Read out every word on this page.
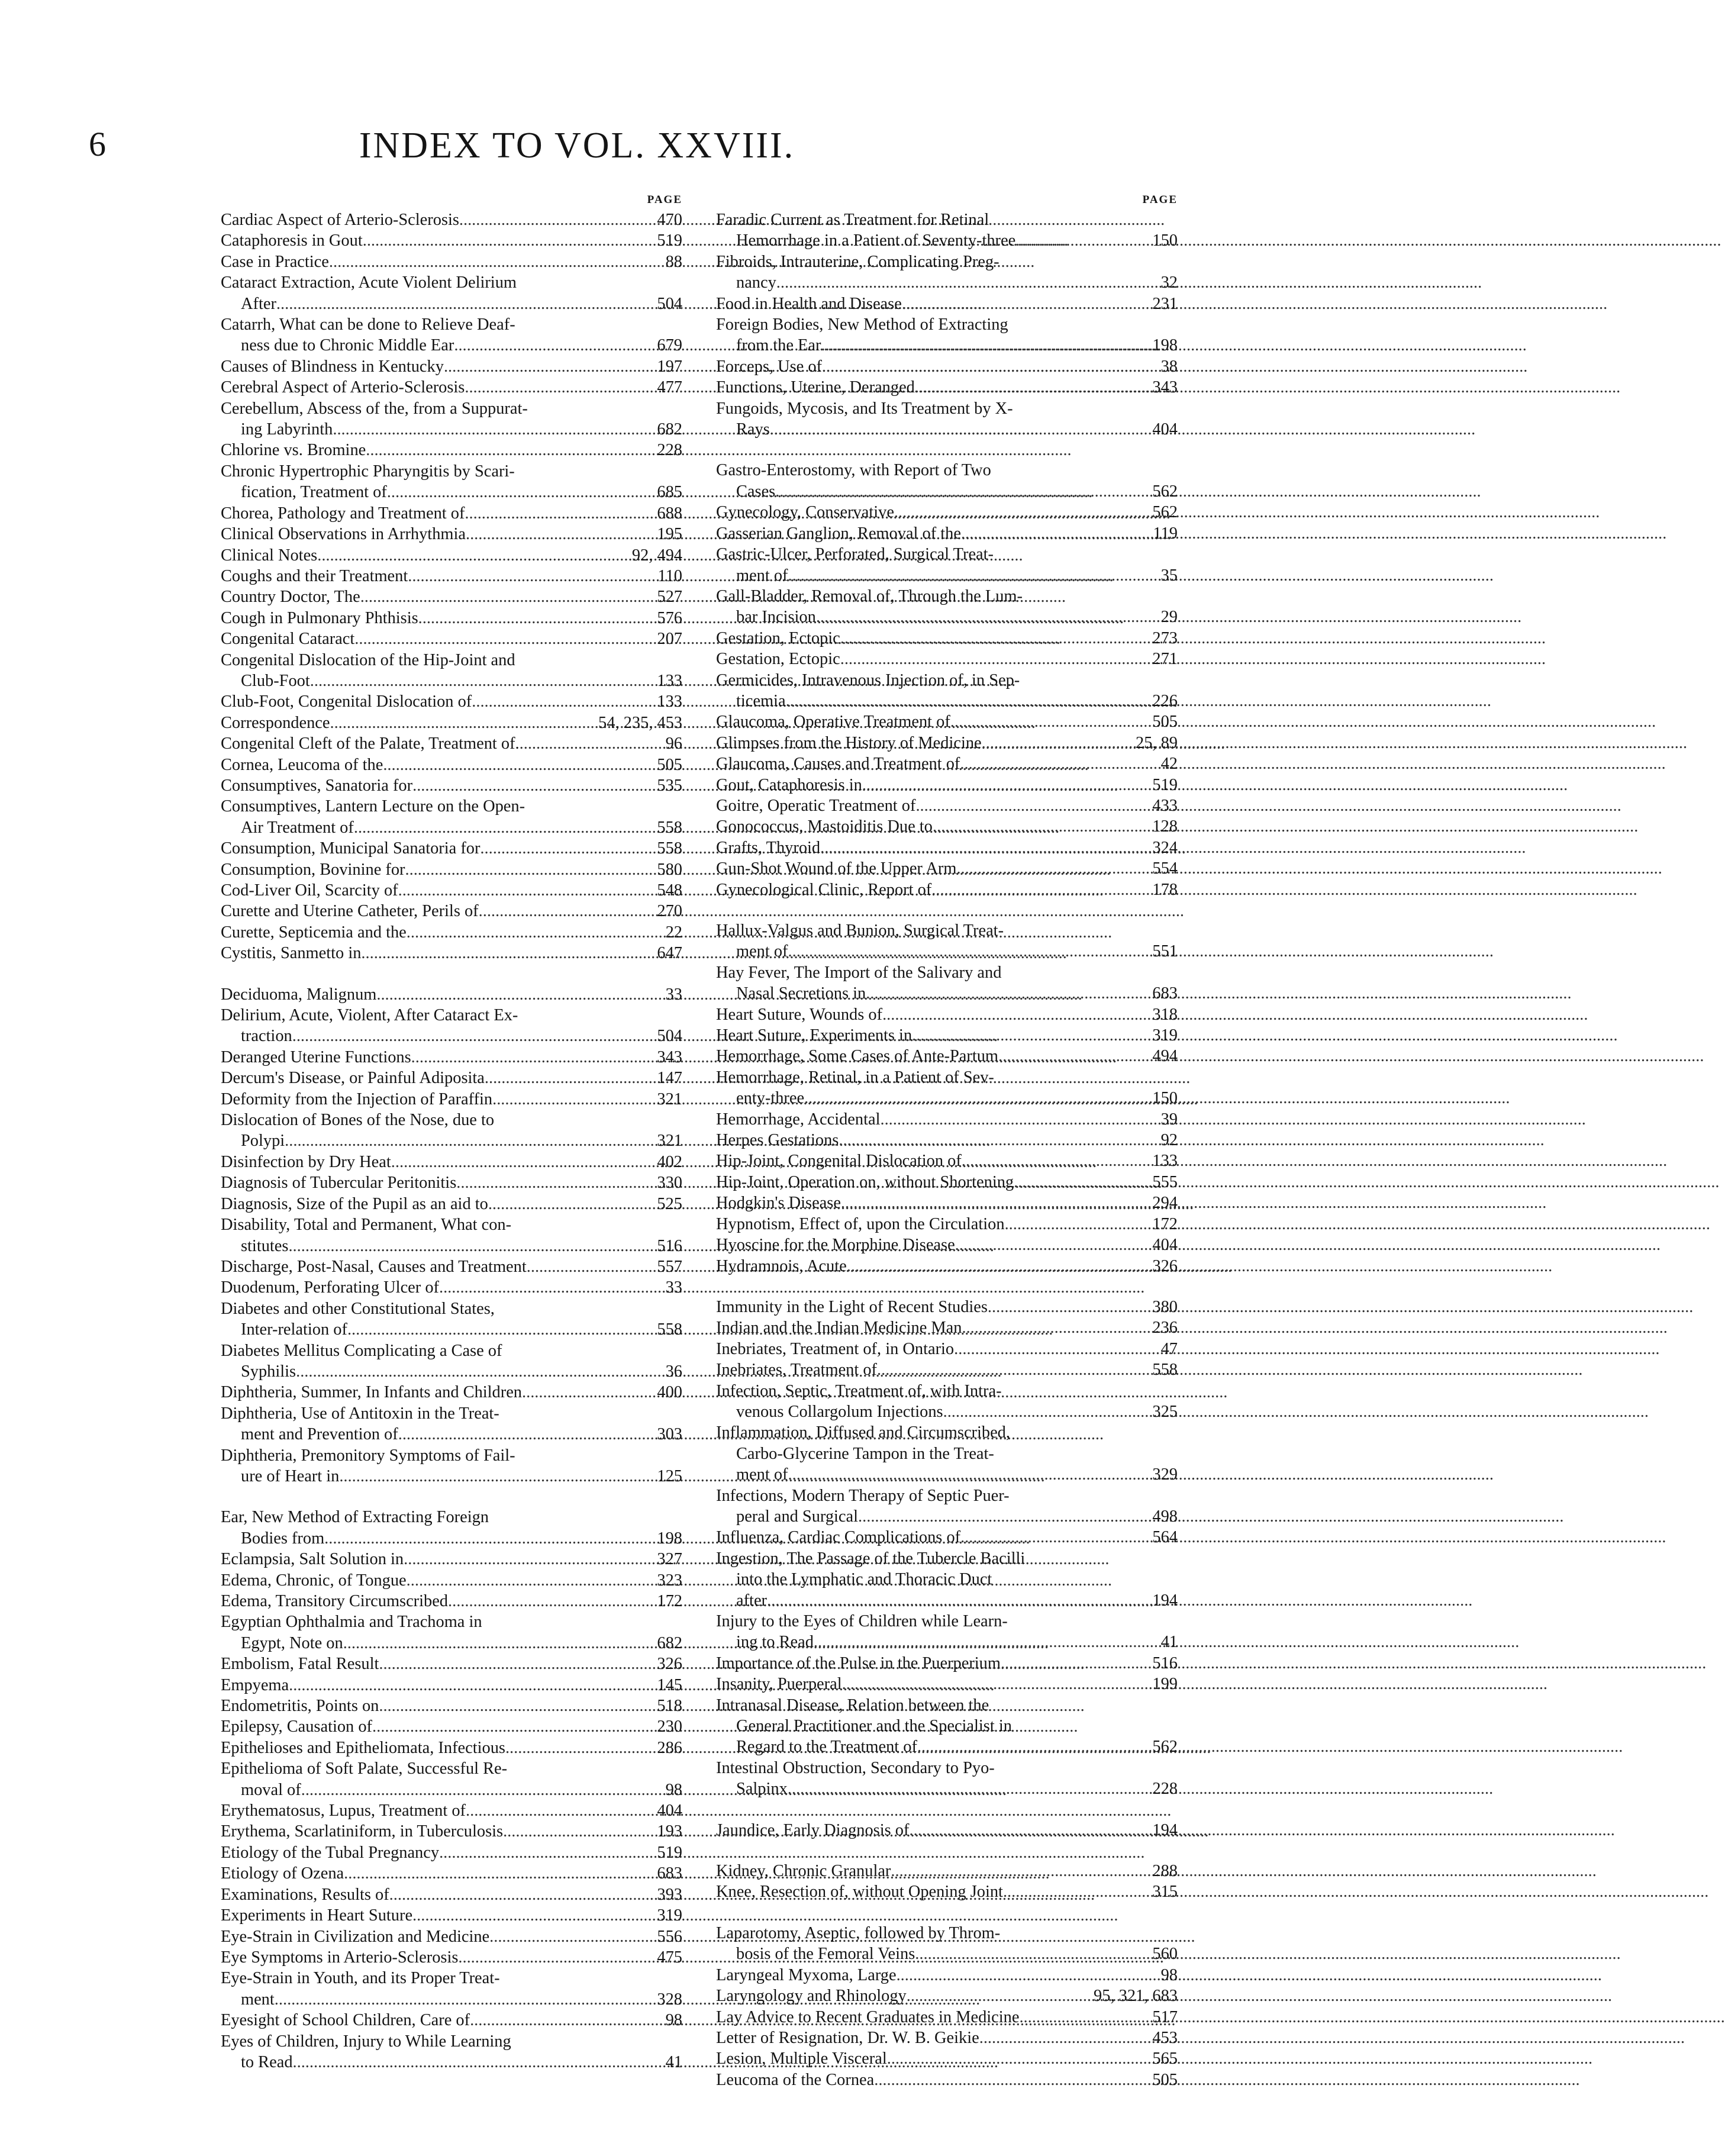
6	INDEX TO VOL. XXVIII.
PAGE
Cardiac Aspect of Arterio-Sclerosis .....	470
Cataphoresis in Gout .....	519
Case in Practice .....	88
Cataract Extraction, Acute Violent Delirium
After .....	504
Catarrh, What can be done to Relieve Deaf-
ness due to Chronic Middle Ear .....	679
Causes of Blindness in Kentucky .....	197
Cerebral Aspect of Arterio-Sclerosis .....	477
Cerebellum, Abscess of the, from a Suppurat-
ing Labyrinth .....	682
Chlorine vs. Bromine .....	228
Chronic Hypertrophic Pharyngitis by Scari-
fication, Treatment of .....	685
Chorea, Pathology and Treatment of .....	688
Clinical Observations in Arrhythmia .....	195
Clinical Notes .....	92, 494
Coughs and their Treatment .....	110
Country Doctor, The .....	527
Cough in Pulmonary Phthisis .....	576
Congenital Cataract .....	207
Congenital Dislocation of the Hip-Joint and
Club-Foot .....	133
Club-Foot, Congenital Dislocation of .....	133
Correspondence .....	54, 235, 453
Congenital Cleft of the Palate, Treatment of. .....	96
Cornea, Leucoma of the .....	505
Consumptives, Sanatoria for .....	535
Consumptives, Lantern Lecture on the Open-
Air Treatment of .....	558
Consumption, Municipal Sanatoria for .....	558
Consumption, Bovinine for .....	580
Cod-Liver Oil, Scarcity of .....	548
Curette and Uterine Catheter, Perils of .....	270
Curette, Septicemia and the .....	22
Cystitis, Sanmetto in .....	647
Deciduoma, Malignum .....	33
Delirium, Acute, Violent, After Cataract Ex-
traction .....	504
Deranged Uterine Functions .....	343
Dercum's Disease, or Painful Adiposita .....	147
Deformity from the Injection of Paraffin .....	321
Dislocation of Bones of the Nose, due to
Polypi .....	321
Disinfection by Dry Heat .....	402
Diagnosis of Tubercular Peritonitis .....	330
Diagnosis, Size of the Pupil as an aid to .....	525
Disability, Total and Permanent, What con-
stitutes .....	516
Discharge, Post-Nasal, Causes and Treatment .....	557
Duodenum, Perforating Ulcer of .....	33
Diabetes and other Constitutional States,
Inter-relation of .....	558
Diabetes Mellitus Complicating a Case of
Syphilis .....	36
Diphtheria, Summer, In Infants and Children .....	400
Diphtheria, Use of Antitoxin in the Treat-
ment and Prevention of .....	303
Diphtheria, Premonitory Symptoms of Fail-
ure of Heart in .....	125
Ear, New Method of Extracting Foreign
Bodies from .....	198
Eclampsia, Salt Solution in .....	327
Edema, Chronic, of Tongue .....	323
Edema, Transitory Circumscribed .....	172
Egyptian Ophthalmia and Trachoma in
Egypt, Note on .....	682
Embolism, Fatal Result .....	326
Empyema .....	145
Endometritis, Points on .....	518
Epilepsy, Causation of .....	230
Epithelioses and Epitheliomata, Infectious .....	286
Epithelioma of Soft Palate, Successful Re-
moval of .....	98
Erythematosus, Lupus, Treatment of .....	404
Erythema, Scarlatiniform, in Tuberculosis .....	193
Etiology of the Tubal Pregnancy .....	519
Etiology of Ozena .....	683
Examinations, Results of .....	393
Experiments in Heart Suture .....	319
Eye-Strain in Civilization and Medicine .....	556
Eye Symptoms in Arterio-Sclerosis .....	475
Eye-Strain in Youth, and its Proper Treat-
ment .....	328
Eyesight of School Children, Care of .....	98
Eyes of Children, Injury to While Learning
to Read .....	41
PAGE
Faradic Current as Treatment for Retinal
Hemorrhage in a Patient of Seventy-three .....	150
Fibroids, Intrauterine, Complicating Preg-
nancy .....	32
Food in Health and Disease .....	231
Foreign Bodies, New Method of Extracting
from the Ear .....	198
Forceps, Use of .....	38
Functions, Uterine, Deranged .....	343
Fungoids, Mycosis, and Its Treatment by X-
Rays .....	404
Gastro-Enterostomy, with Report of Two
Cases .....	562
Gynecology, Conservative .....	562
Gasserian Ganglion, Removal of the .....	119
Gastric-Ulcer, Perforated, Surgical Treat-
ment of .....	35
Gall-Bladder, Removal of, Through the Lum-
bar Incision .....	29
Gestation, Ectopic .....	273
Gestation, Ectopic .....	271
Germicides, Intravenous Injection of, in Sep-
ticemia .....	226
Glaucoma, Operative Treatment of .....	505
Glimpses from the History of Medicine .....	25, 89
Glaucoma, Causes and Treatment of .....	42
Gout, Cataphoresis in .....	519
Goitre, Operatic Treatment of .....	433
Gonococcus, Mastoiditis Due to .....	128
Grafts, Thyroid .....	324
Gun-Shot Wound of the Upper Arm .....	554
Gynecological Clinic, Report of .....	178
Hallux-Valgus and Bunion, Surgical Treat-
ment of .....	551
Hay Fever, The Import of the Salivary and
Nasal Secretions in .....	683
Heart Suture, Wounds of .....	318
Heart Suture, Experiments in .....	319
Hemorrhage, Some Cases of Ante-Partum .....	494
Hemorrhage, Retinal, in a Patient of Sev-
enty-three .....	150
Hemorrhage, Accidental .....	39
Herpes Gestations .....	92
Hip-Joint, Congenital Dislocation of .....	133
Hip-Joint, Operation on, without Shortening .....	555
Hodgkin's Disease .....	294
Hypnotism, Effect of, upon the Circulation .....	172
Hyoscine for the Morphine Disease .....	404
Hydramnois, Acute .....	326
Immunity in the Light of Recent Studies .....	380
Indian and the Indian Medicine Man .....	236
Inebriates, Treatment of, in Ontario .....	47
Inebriates, Treatment of .....	558
Infection, Septic, Treatment of, with Intra-
venous Collargolum Injections .....	325
Inflammation, Diffused and Circumscribed,
Carbo-Glycerine Tampon in the Treat-
ment of .....	329
Infections, Modern Therapy of Septic Puer-
peral and Surgical .....	498
Influenza, Cardiac Complications of .....	564
Ingestion, The Passage of the Tubercle Bacilli
into the Lymphatic and Thoracic Duct
after .....	194
Injury to the Eyes of Children while Learn-
ing to Read .....	41
Importance of the Pulse in the Puerperium .....	516
Insanity, Puerperal .....	199
Intranasal Disease, Relation between the
General Practitioner and the Specialist in
Regard to the Treatment of .....	562
Intestinal Obstruction, Secondary to Pyo-
Salpinx .....	228
Jaundice, Early Diagnosis of .....	194
Kidney, Chronic Granular .....	288
Knee, Resection of, without Opening Joint .....	315
Laparotomy, Aseptic, followed by Throm-
bosis of the Femoral Veins .....	560
Laryngeal Myxoma, Large .....	98
Laryngology and Rhinology .....	95, 321, 683
Lay Advice to Recent Graduates in Medicine .....	517
Letter of Resignation, Dr. W. B. Geikie .....	453
Lesion, Multiple Visceral .....	565
Leucoma of the Cornea .....	505
